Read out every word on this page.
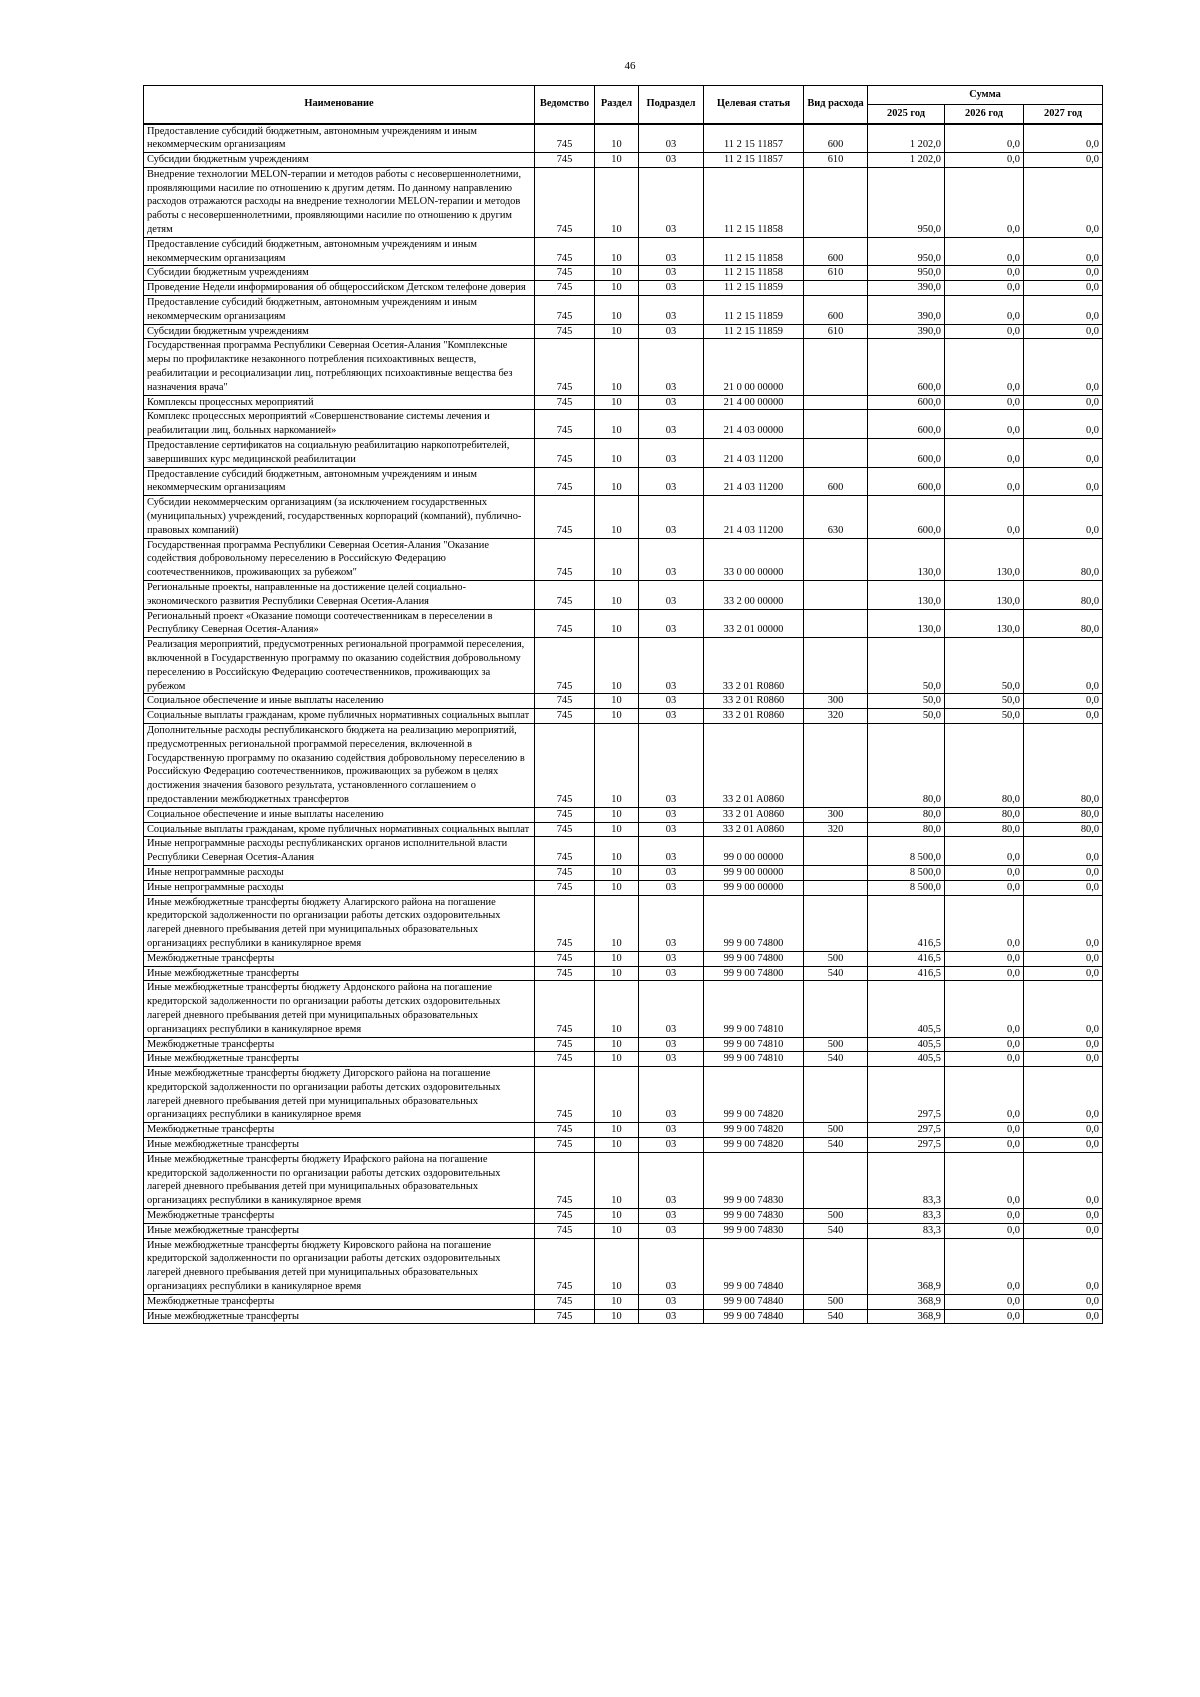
46
Наименование	Ведомство	Раздел	Подраздел	Целевая статья	Вид расхода	Сумма		
						2025 год	2026 год	2027 год
Предоставление субсидий бюджетным, автономным учреждениям и иным некоммерческим организациям	745	10	03	11 2 15 11857	600	1 202,0	0,0	0,0
Субсидии бюджетным учреждениям	745	10	03	11 2 15 11857	610	1 202,0	0,0	0,0
Внедрение технологии MELON-терапии и методов работы с несовершеннолетними, проявляющими насилие по отношению к другим детям. По данному направлению расходов отражаются расходы на внедрение технологии MELON-терапии и методов работы с несовершеннолетними, проявляющими насилие по отношению к другим детям	745	10	03	11 2 15 11858		950,0	0,0	0,0
Предоставление субсидий бюджетным, автономным учреждениям и иным некоммерческим организациям	745	10	03	11 2 15 11858	600	950,0	0,0	0,0
Субсидии бюджетным учреждениям	745	10	03	11 2 15 11858	610	950,0	0,0	0,0
Проведение Недели информирования об общероссийском Детском телефоне доверия	745	10	03	11 2 15 11859		390,0	0,0	0,0
Предоставление субсидий бюджетным, автономным учреждениям и иным некоммерческим организациям	745	10	03	11 2 15 11859	600	390,0	0,0	0,0
Субсидии бюджетным учреждениям	745	10	03	11 2 15 11859	610	390,0	0,0	0,0
Государственная программа Республики Северная Осетия-Алания "Комплексные меры по профилактике незаконного потребления психоактивных веществ, реабилитации и ресоциализации лиц, потребляющих психоактивные вещества без назначения врача"	745	10	03	21 0 00 00000		600,0	0,0	0,0
Комплексы процессных мероприятий	745	10	03	21 4 00 00000		600,0	0,0	0,0
Комплекс процессных мероприятий «Совершенствование системы лечения и реабилитации лиц, больных наркоманией»	745	10	03	21 4 03 00000		600,0	0,0	0,0
Предоставление сертификатов на социальную реабилитацию наркопотребителей, завершивших курс медицинской реабилитации	745	10	03	21 4 03 11200		600,0	0,0	0,0
Предоставление субсидий бюджетным, автономным учреждениям и иным некоммерческим организациям	745	10	03	21 4 03 11200	600	600,0	0,0	0,0
Субсидии некоммерческим организациям (за исключением государственных (муниципальных) учреждений, государственных корпораций (компаний), публично-правовых компаний)	745	10	03	21 4 03 11200	630	600,0	0,0	0,0
Государственная программа Республики Северная Осетия-Алания "Оказание содействия добровольному переселению в Российскую Федерацию соотечественников, проживающих за рубежом"	745	10	03	33 0 00 00000		130,0	130,0	80,0
Региональные проекты, направленные на достижение целей социально-экономического развития Республики Северная Осетия-Алания	745	10	03	33 2 00 00000		130,0	130,0	80,0
Региональный проект «Оказание помощи соотечественникам в переселении в Республику Северная Осетия-Алания»	745	10	03	33 2 01 00000		130,0	130,0	80,0
Реализация мероприятий, предусмотренных региональной программой переселения, включенной в Государственную программу по оказанию содействия добровольному переселению в Российскую Федерацию соотечественников, проживающих за рубежом	745	10	03	33 2 01 R0860		50,0	50,0	0,0
Социальное обеспечение и иные выплаты населению	745	10	03	33 2 01 R0860	300	50,0	50,0	0,0
Социальные выплаты гражданам, кроме публичных нормативных социальных выплат	745	10	03	33 2 01 R0860	320	50,0	50,0	0,0
Дополнительные расходы республиканского бюджета на реализацию мероприятий, предусмотренных региональной программой переселения, включенной в Государственную программу по оказанию содействия добровольному переселению в Российскую Федерацию соотечественников, проживающих за рубежом в целях достижения значения базового результата, установленного соглашением о предоставлении межбюджетных трансфертов	745	10	03	33 2 01 A0860		80,0	80,0	80,0
Социальное обеспечение и иные выплаты населению	745	10	03	33 2 01 A0860	300	80,0	80,0	80,0
Социальные выплаты гражданам, кроме публичных нормативных социальных выплат	745	10	03	33 2 01 A0860	320	80,0	80,0	80,0
Иные непрограммные расходы республиканских органов исполнительной власти Республики Северная Осетия-Алания	745	10	03	99 0 00 00000		8 500,0	0,0	0,0
Иные непрограммные расходы	745	10	03	99 9 00 00000		8 500,0	0,0	0,0
Иные непрограммные расходы	745	10	03	99 9 00 00000		8 500,0	0,0	0,0
Иные межбюджетные трансферты бюджету Алагирского района на погашение кредиторской задолженности по организации работы детских оздоровительных лагерей дневного пребывания детей при муниципальных образовательных организациях республики в каникулярное время	745	10	03	99 9 00 74800		416,5	0,0	0,0
Межбюджетные трансферты	745	10	03	99 9 00 74800	500	416,5	0,0	0,0
Иные межбюджетные трансферты	745	10	03	99 9 00 74800	540	416,5	0,0	0,0
Иные межбюджетные трансферты бюджету Ардонского района на погашение кредиторской задолженности по организации работы детских оздоровительных лагерей дневного пребывания детей при муниципальных образовательных организациях республики в каникулярное время	745	10	03	99 9 00 74810		405,5	0,0	0,0
Межбюджетные трансферты	745	10	03	99 9 00 74810	500	405,5	0,0	0,0
Иные межбюджетные трансферты	745	10	03	99 9 00 74810	540	405,5	0,0	0,0
Иные межбюджетные трансферты бюджету Дигорского района на погашение кредиторской задолженности по организации работы детских оздоровительных лагерей дневного пребывания детей при муниципальных образовательных организациях республики в каникулярное время	745	10	03	99 9 00 74820		297,5	0,0	0,0
Межбюджетные трансферты	745	10	03	99 9 00 74820	500	297,5	0,0	0,0
Иные межбюджетные трансферты	745	10	03	99 9 00 74820	540	297,5	0,0	0,0
Иные межбюджетные трансферты бюджету Ирафского района на погашение кредиторской задолженности по организации работы детских оздоровительных лагерей дневного пребывания детей при муниципальных образовательных организациях республики в каникулярное время	745	10	03	99 9 00 74830		83,3	0,0	0,0
Межбюджетные трансферты	745	10	03	99 9 00 74830	500	83,3	0,0	0,0
Иные межбюджетные трансферты	745	10	03	99 9 00 74830	540	83,3	0,0	0,0
Иные межбюджетные трансферты бюджету Кировского района на погашение кредиторской задолженности по организации работы детских оздоровительных лагерей дневного пребывания детей при муниципальных образовательных организациях республики в каникулярное время	745	10	03	99 9 00 74840		368,9	0,0	0,0
Межбюджетные трансферты	745	10	03	99 9 00 74840	500	368,9	0,0	0,0
Иные межбюджетные трансферты	745	10	03	99 9 00 74840	540	368,9	0,0	0,0
